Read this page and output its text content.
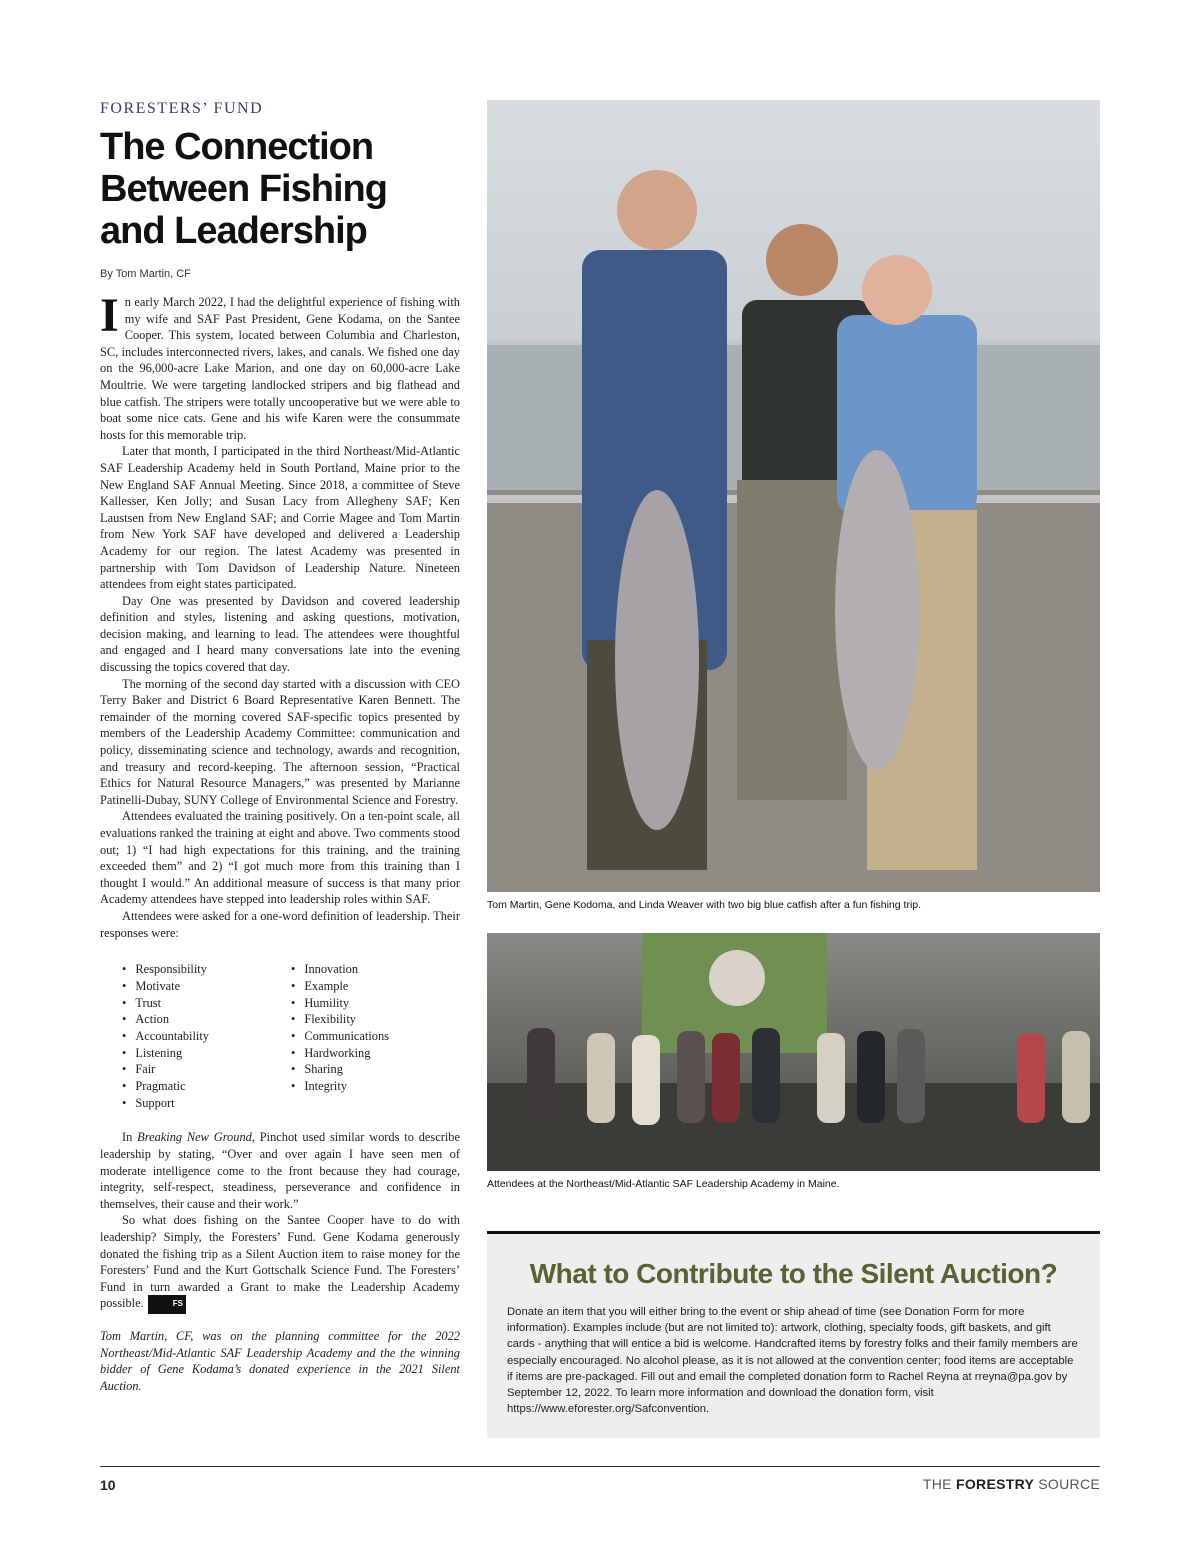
FORESTERS’ FUND
The Connection Between Fishing and Leadership
By Tom Martin, CF

In early March 2022, I had the delightful experience of fishing with my wife and SAF Past President, Gene Kodama, on the Santee Cooper. This system, located between Columbia and Charleston, SC, includes interconnected rivers, lakes, and canals. We fished one day on the 96,000-acre Lake Marion, and one day on 60,000-acre Lake Moultrie. We were targeting landlocked stripers and big flathead and blue catfish. The stripers were totally uncooperative but we were able to boat some nice cats. Gene and his wife Karen were the consummate hosts for this memorable trip.

Later that month, I participated in the third Northeast/Mid-Atlantic SAF Leadership Academy held in South Portland, Maine prior to the New England SAF Annual Meeting. Since 2018, a committee of Steve Kallesser, Ken Jolly; and Susan Lacy from Allegheny SAF; Ken Laustsen from New England SAF; and Corrie Magee and Tom Martin from New York SAF have developed and delivered a Leadership Academy for our region. The latest Academy was presented in partnership with Tom Davidson of Leadership Nature. Nineteen attendees from eight states participated.

Day One was presented by Davidson and covered leadership definition and styles, listening and asking questions, motivation, decision making, and learning to lead. The attendees were thoughtful and engaged and I heard many conversations late into the evening discussing the topics covered that day.

The morning of the second day started with a discussion with CEO Terry Baker and District 6 Board Representative Karen Bennett. The remainder of the morning covered SAF-specific topics presented by members of the Leadership Academy Committee: communication and policy, disseminating science and technology, awards and recognition, and treasury and record-keeping. The afternoon session, “Practical Ethics for Natural Resource Managers,” was presented by Marianne Patinelli-Dubay, SUNY College of Environmental Science and Forestry.

Attendees evaluated the training positively. On a ten-point scale, all evaluations ranked the training at eight and above. Two comments stood out; 1) “I had high expectations for this training, and the training exceeded them” and 2) “I got much more from this training than I thought I would.” An additional measure of success is that many prior Academy attendees have stepped into leadership roles within SAF.

Attendees were asked for a one-word definition of leadership. Their responses were:

• Responsibility
• Motivate
• Trust
• Action
• Accountability
• Listening
• Fair
• Pragmatic
• Support
• Innovation
• Example
• Humility
• Flexibility
• Communications
• Hardworking
• Sharing
• Integrity

In Breaking New Ground, Pinchot used similar words to describe leadership by stating, “Over and over again I have seen men of moderate intelligence come to the front because they had courage, integrity, self-respect, steadiness, perseverance and confidence in themselves, their cause and their work.”

So what does fishing on the Santee Cooper have to do with leadership? Simply, the Foresters’ Fund. Gene Kodama generously donated the fishing trip as a Silent Auction item to raise money for the Foresters’ Fund and the Kurt Gottschalk Science Fund. The Foresters’ Fund in turn awarded a Grant to make the Leadership Academy possible.	FS

Tom Martin, CF, was on the planning committee for the 2022 Northeast/Mid-Atlantic SAF Leadership Academy and the the winning bidder of Gene Kodama’s donated experience in the 2021 Silent Auction.
Tom Martin, Gene Kodoma, and Linda Weaver with two big blue catfish after a fun fishing trip.
Attendees at the Northeast/Mid-Atlantic SAF Leadership Academy in Maine.
What to Contribute to the Silent Auction?
Donate an item that you will either bring to the event or ship ahead of time (see Donation Form for more information). Examples include (but are not limited to): artwork, clothing, specialty foods, gift baskets, and gift cards - anything that will entice a bid is welcome. Handcrafted items by forestry folks and their family members are especially encouraged. No alcohol please, as it is not allowed at the convention center; food items are acceptable if items are pre-packaged. Fill out and email the completed donation form to Rachel Reyna at rreyna@pa.gov by September 12, 2022. To learn more information and download the donation form, visit https://www.eforester.org/Safconvention.
10	THE FORESTRY SOURCE
